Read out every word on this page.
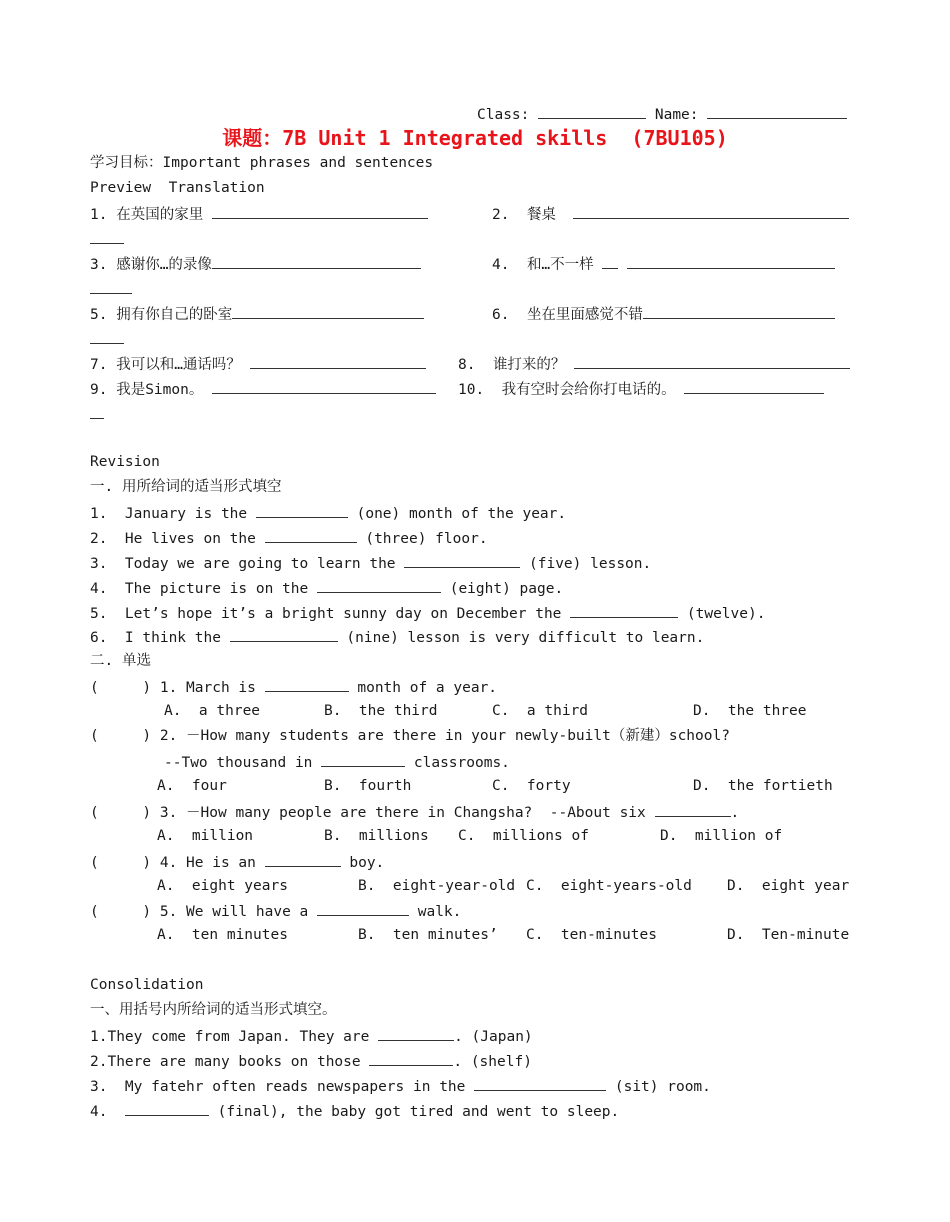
Class:	Name:
课题：7B Unit 1 Integrated skills  (7BU105)
学习目标：Important phrases and sentences
Preview  Translation
1. 在英国的家里	2. 餐桌
3. 感谢你…的录像	4. 和…不一样
5. 拥有你自己的卧室	6. 坐在里面感觉不错
7. 我可以和…通话吗？	8. 谁打来的？
9. 我是Simon。	10. 我有空时会给你打电话的。
Revision
一. 用所给词的适当形式填空
1.  January is the	(one) month of the year.
2.  He lives on the	(three) floor.
3.  Today we are going to learn the	(five) lesson.
4.  The picture is on the	(eight) page.
5.  Let’s hope it’s a bright sunny day on December the	(twelve).
6.  I think the	(nine) lesson is very difficult to learn.
二. 单选
(     ) 1. March is	month of a year.
A.  a three	B.  the third	C.  a third	D.  the three
(     ) 2. －How many students are there in your newly-built（新建）school?
--Two thousand in	classrooms.
A.  four	B.  fourth	C.  forty	D.  the fortieth
(     ) 3. －How many people are there in Changsha?  --About six	.
A.  million	B.  millions C.  millions of	D.  million of
(     ) 4. He is an	boy.
A.  eight years	B.  eight-year-old C.  eight-years-old D.  eight year
(     ) 5. We will have a	walk.
A.  ten minutes	B.  ten minutes’ C.  ten-minutes	D.  Ten-minute
Consolidation
一、用括号内所给词的适当形式填空。
1.They come from Japan. They are	. (Japan)
2.There are many books on those	. (shelf)
3.  My fatehr often reads newspapers in the	(sit) room.
4.	(final), the baby got tired and went to sleep.
